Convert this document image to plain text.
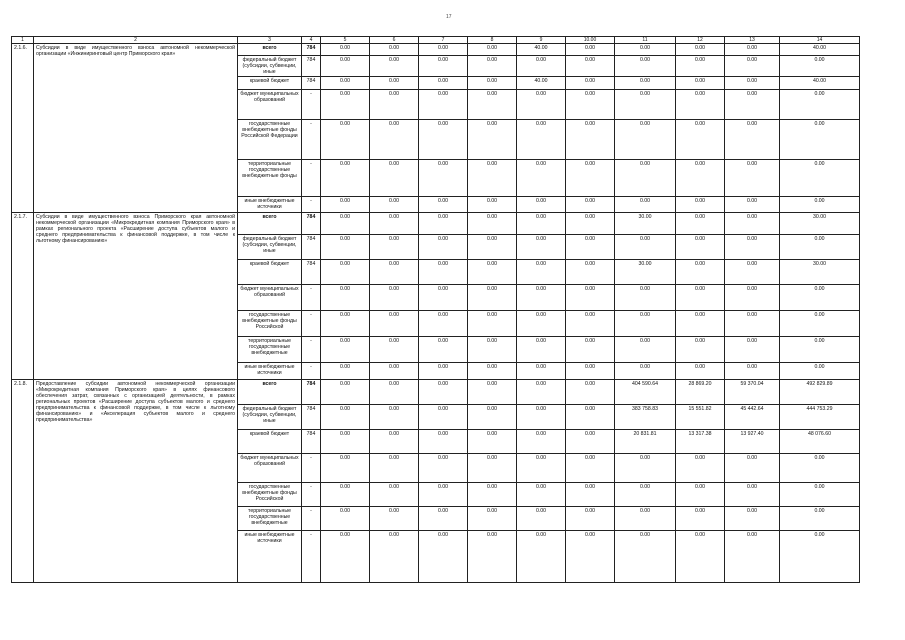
17
1	2	3	4	5	6	7	8	9	10.00	11	12	13	14
2.1.6.	Субсидии в виде имущественного взноса автономной некоммерческой организации «Инжиниринговый центр Приморского края»	всего	784	0.00	0.00	0.00	0.00	40.00	0.00	0.00	0.00	0.00	40.00
		федеральный бюджет (субсидии, субвенции, иные	784	0.00	0.00	0.00	0.00	0.00	0.00	0.00	0.00	0.00	0.00
		краевой бюджет	784	0.00	0.00	0.00	0.00	40.00	0.00	0.00	0.00	0.00	40.00
		бюджет муниципальных образований	-	0.00	0.00	0.00	0.00	0.00	0.00	0.00	0.00	0.00	0.00
		государственные внебюджетные фонды Российской Федерации	-	0.00	0.00	0.00	0.00	0.00	0.00	0.00	0.00	0.00	0.00
		территориальные государственные внебюджетные фонды	-	0.00	0.00	0.00	0.00	0.00	0.00	0.00	0.00	0.00	0.00
		иные внебюджетные источники	-	0.00	0.00	0.00	0.00	0.00	0.00	0.00	0.00	0.00	0.00
2.1.7.	Субсидии в виде имущественного взноса Приморского края автономной некоммерческой организации «Микрокредитная компания Приморского края» в рамках регионального проекта «Расширение доступа субъектов малого и среднего предпринимательства к финансовой поддержке, в том числе к льготному финансированию»	всего	784	0.00	0.00	0.00	0.00	0.00	0.00	30.00	0.00	0.00	30.00
		федеральный бюджет (субсидии, субвенции, иные	784	0.00	0.00	0.00	0.00	0.00	0.00	0.00	0.00	0.00	0.00
		краевой бюджет	784	0.00	0.00	0.00	0.00	0.00	0.00	30.00	0.00	0.00	30.00
		бюджет муниципальных образований	-	0.00	0.00	0.00	0.00	0.00	0.00	0.00	0.00	0.00	0.00
		государственные внебюджетные фонды Российской	-	0.00	0.00	0.00	0.00	0.00	0.00	0.00	0.00	0.00	0.00
		территориальные государственные внебюджетные	-	0.00	0.00	0.00	0.00	0.00	0.00	0.00	0.00	0.00	0.00
		иные внебюджетные источники	-	0.00	0.00	0.00	0.00	0.00	0.00	0.00	0.00	0.00	0.00
2.1.8.	Предоставление субсидии автономной некоммерческой организации «Микрокредитная компания Приморского края» в целях финансового обеспечения затрат, связанных с организацией деятельности, в рамках региональных проектов «Расширение доступа субъектов малого и среднего предпринимательства к финансовой поддержке, в том числе к льготному финансированию» и «Акселерация субъектов малого и среднего предпринимательства»	всего	784	0.00	0.00	0.00	0.00	0.00	0.00	404 590.64	28 869.20	59 370.04	492 829.89
		федеральный бюджет (субсидии, субвенции, иные	784	0.00	0.00	0.00	0.00	0.00	0.00	383 758.83	15 551.82	45 442.64	444 753.29
		краевой бюджет	784	0.00	0.00	0.00	0.00	0.00	0.00	20 831.81	13 317.38	13 927.40	48 076.60
		бюджет муниципальных образований	-	0.00	0.00	0.00	0.00	0.00	0.00	0.00	0.00	0.00	0.00
		государственные внебюджетные фонды Российской	-	0.00	0.00	0.00	0.00	0.00	0.00	0.00	0.00	0.00	0.00
		территориальные государственные внебюджетные	-	0.00	0.00	0.00	0.00	0.00	0.00	0.00	0.00	0.00	0.00
		иные внебюджетные источники	-	0.00	0.00	0.00	0.00	0.00	0.00	0.00	0.00	0.00	0.00
